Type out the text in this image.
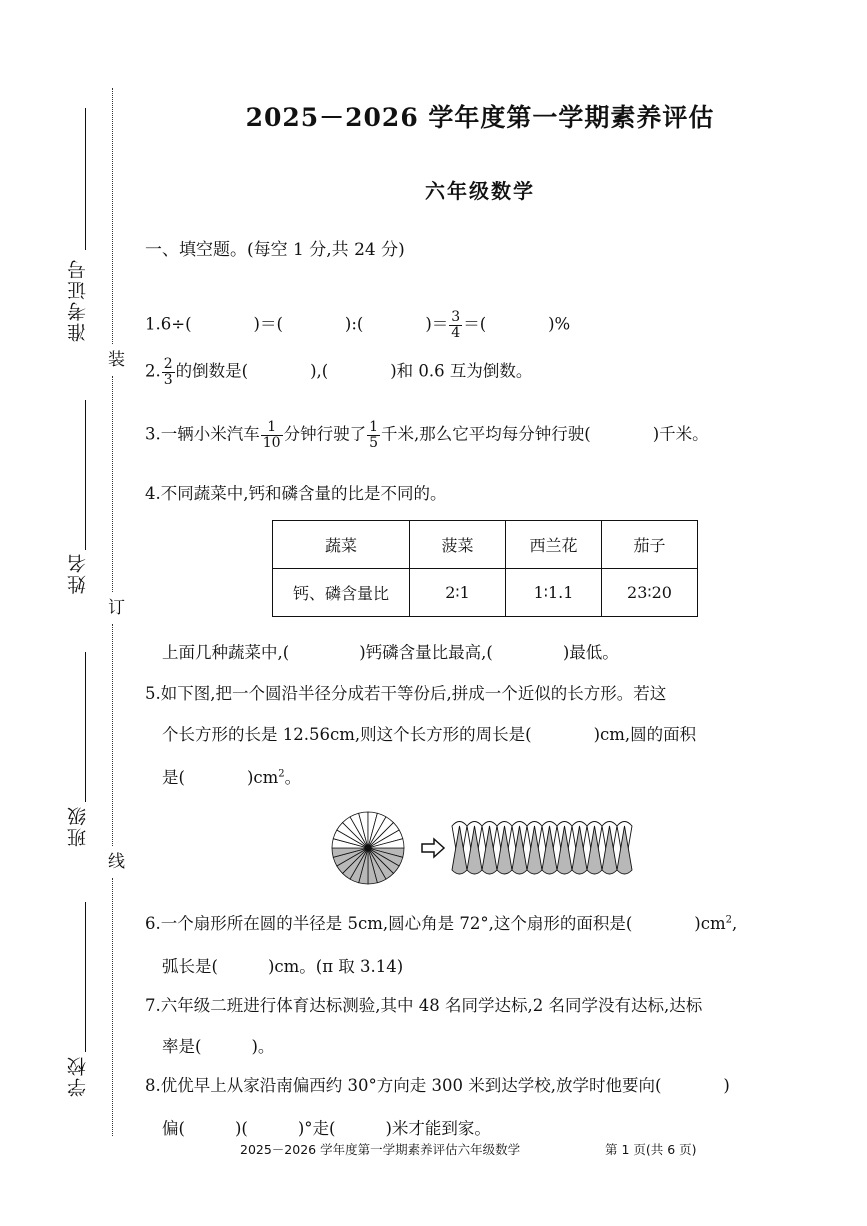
准考证号
姓名
班级
学校
装
订
线
2025－2026 学年度第一学期素养评估
六年级数学
一、填空题。(每空 1 分,共 24 分)
1.6÷(	)＝(	):(	)＝ $\frac{3}{4}$ ＝(	)%
2. $\frac{2}{3}$ 的倒数是(	),(	)和 0.6 互为倒数。
3.一辆小米汽车 $\frac{1}{10}$ 分钟行驶了 $\frac{1}{5}$ 千米,那么它平均每分钟行驶(	)千米。
4.不同蔬菜中,钙和磷含量的比是不同的。
蔬菜	菠菜	西兰花	茄子
钙、磷含量比	2∶1	1∶1.1	23∶20
上面几种蔬菜中,(	)钙磷含量比最高,(	)最低。
5.如下图,把一个圆沿半径分成若干等份后,拼成一个近似的长方形。若这
个长方形的长是 12.56cm,则这个长方形的周长是(	)cm,圆的面积
是(	)$cm^2$。
6.一个扇形所在圆的半径是 5cm,圆心角是 72°,这个扇形的面积是(	)$cm^2$,
弧长是(	)cm。(π 取 3.14)
7.六年级二班进行体育达标测验,其中 48 名同学达标,2 名同学没有达标,达标
率是(	)。
8.优优早上从家沿南偏西约 30°方向走 300 米到达学校,放学时他要向(	)
偏(	)(	)°走(	)米才能到家。
2025－2026 学年度第一学期素养评估六年级数学	第 1 页(共 6 页)
